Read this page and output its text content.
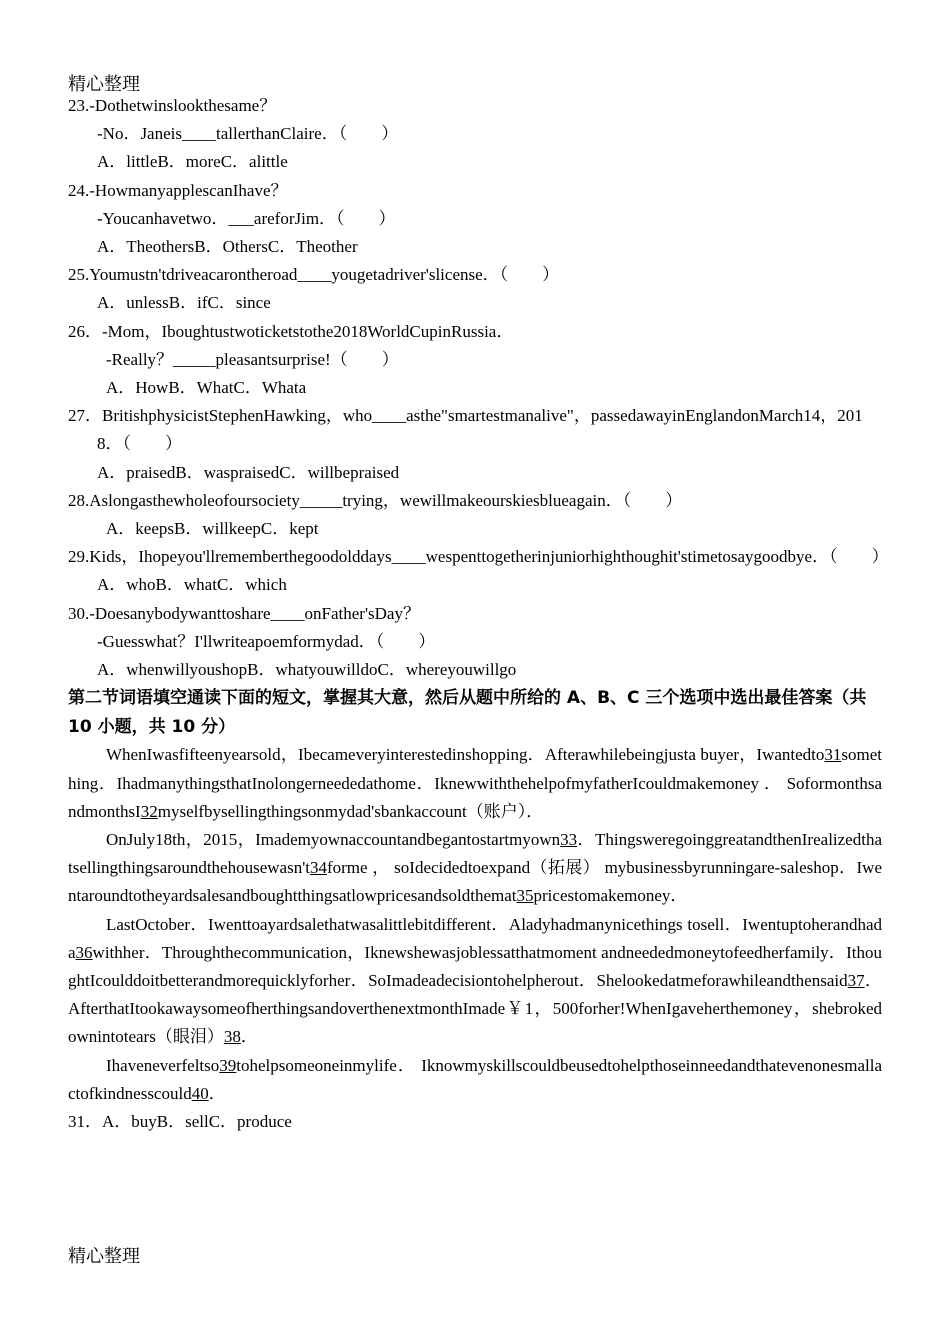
精心整理
23.-Dothetwinslookthesame？
-No．Janeis____tallerthanClaire．（　　）
A．littleB．moreC．alittle
24.-HowmanyapplescanIhave？
-Youcanhavetwo．___areforJim．（　　）
A．TheothersB．OthersC．Theother
25.Youmustn'tdriveacarontheroad____yougetadriver'slicense．（　　）
A．unlessB．ifC．since
26．-Mom，Iboughtustwoticketstothe2018WorldCupinRussia．
-Really？_____pleasantsurprise!（　　）
A．HowB．WhatC．Whata
27．BritishphysicistStephenHawking，who____asthe"smartestmanalive"，passedawayinEnglandonMarch14，2018．（　　）
A．praisedB．waspraisedC．willbepraised
28.Aslongasthewholeofoursociety_____trying，wewillmakeourskiesblueagain．（　　）
A．keepsB．willkeepC．kept
29.Kids，Ihopeyou'llrememberthegoodolddays____wespenttogetherinjuniorhighthoughit'stimetosaygoodbye．（　　）
A．whoB．whatC．which
30.-Doesanybodywanttoshare____onFather'sDay？
-Guesswhat？I'llwriteapoemformydad．（　　）
A．whenwillyoushopB．whatyouwilldoC．whereyouwillgo
第二节词语填空通读下面的短文，掌握其大意，然后从题中所给的 A、B、C 三个选项中选出最佳答案（共 10 小题，共 10 分）
WhenIwasfifteenyearsold，Ibecameveryinterestedinshopping．Afterawhilebeingjusta buyer，Iwantedto31something．IhadmanythingsthatInolongerneededathome．IknewwiththehelpofmyfatherIcouldmakemoney ． SoformonthsandmonthsI32myselfbysellingthingsonmydad'sbankaccount（账户）．
OnJuly18th，2015，Imademyownaccountandbegantostartmyown33．ThingsweregoinggreatandthenIrealizedthatsellingthingsaroundthehousewasn't34forme ， soIdecidedtoexpand（拓展） mybusinessbyrunningare-saleshop．Iwentaroundtotheyardsalesandboughtthingsatlowpricesandsoldthemat35pricestomakemoney．
LastOctober．Iwenttoayardsalethatwasalittlebitdifferent．Aladyhadmanynicethings tosell．Iwentuptoherandhada36withher．Throughthecommunication，Iknewshewasjoblessatthatmoment andneededmoneytofeedherfamily．IthoughtIcoulddoitbetterandmorequicklyforher．SoImadeadecisiontohelpherout．Shelookedatmeforawhileandthensaid37．AfterthatItookawaysomeofherthingsandoverthenextmonthImade￥1，500forher!WhenIgaveherthemoney，shebrokedownintotears（眼泪）38．
Ihaveneverfeltso39tohelpsomeoneinmylife． Iknowmyskillscouldbeusedtohelpthoseinneedandthatevenonesmallactofkindnesscould40．
31．A．buyB．sellC．produce
精心整理
